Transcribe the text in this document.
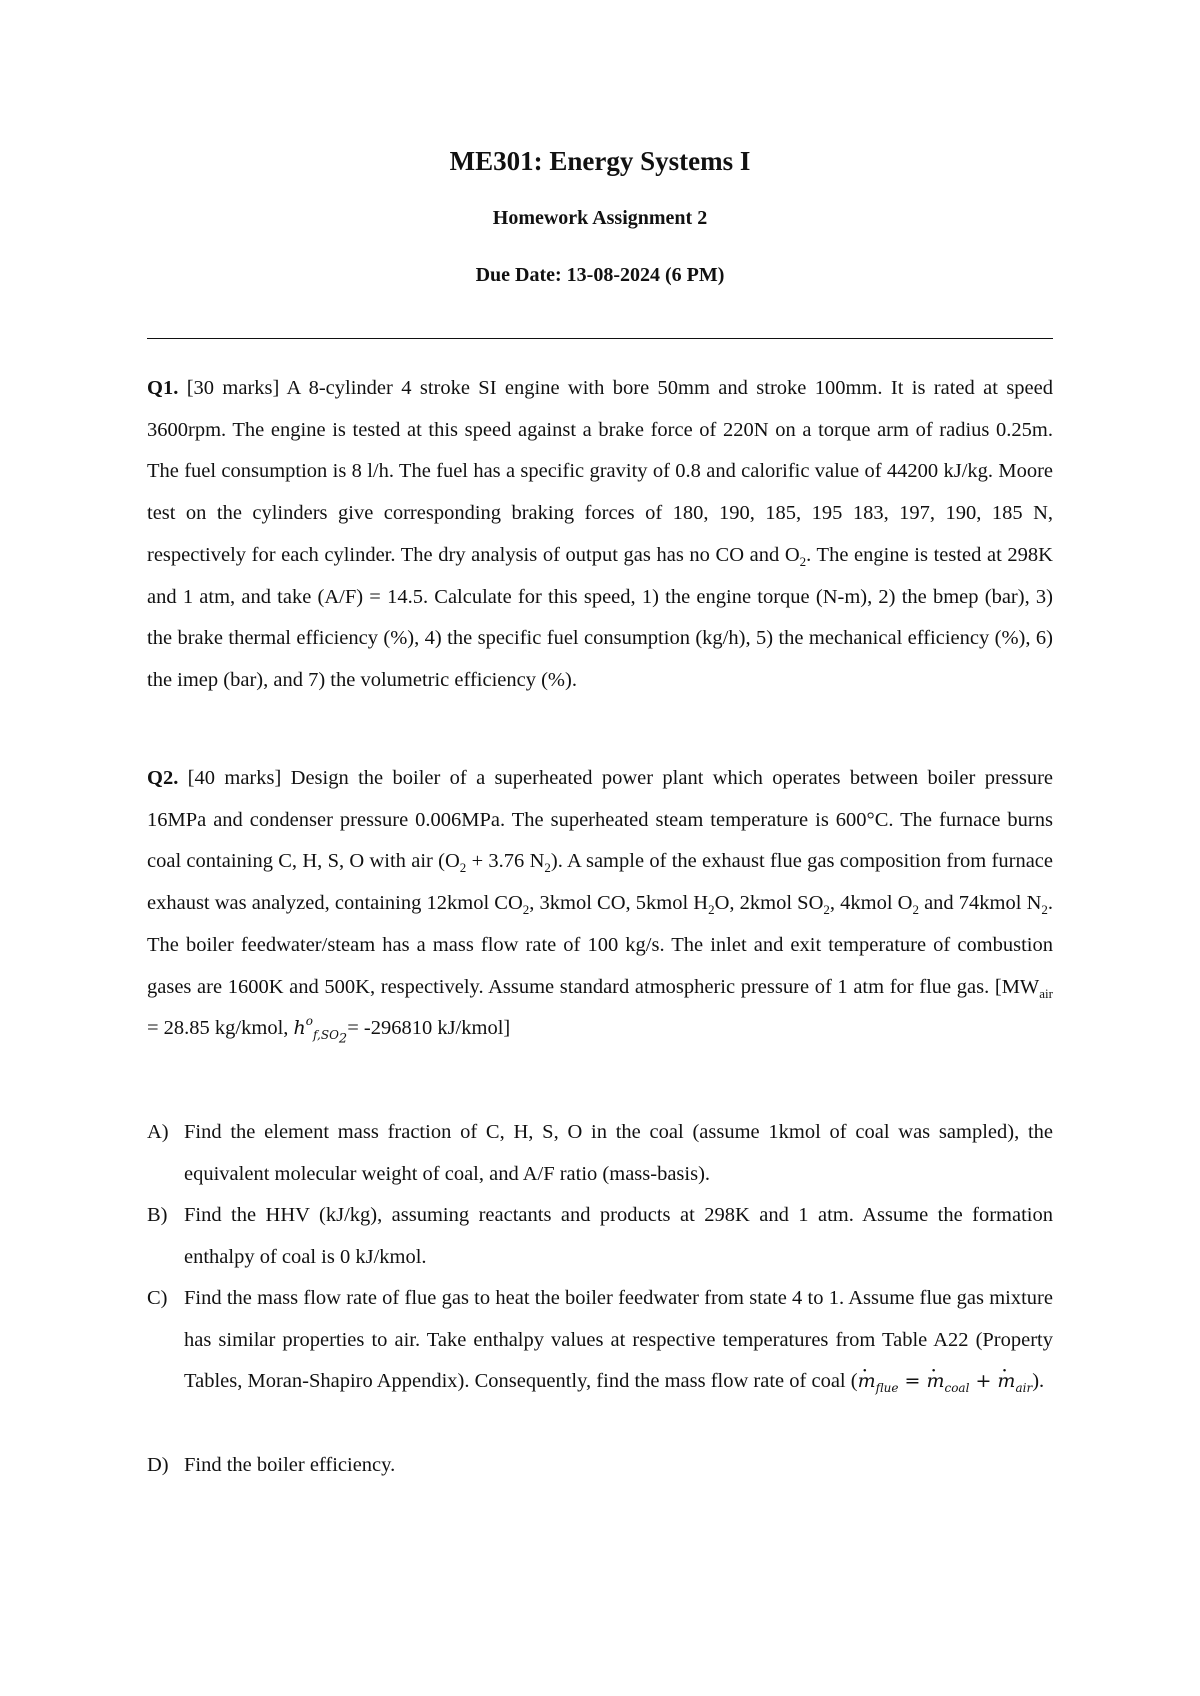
ME301: Energy Systems I
Homework Assignment 2
Due Date: 13-08-2024 (6 PM)
Q1. [30 marks] A 8-cylinder 4 stroke SI engine with bore 50mm and stroke 100mm. It is rated at speed 3600rpm. The engine is tested at this speed against a brake force of 220N on a torque arm of radius 0.25m. The fuel consumption is 8 l/h. The fuel has a specific gravity of 0.8 and calorific value of 44200 kJ/kg. Moore test on the cylinders give corresponding braking forces of 180, 190, 185, 195 183, 197, 190, 185 N, respectively for each cylinder. The dry analysis of output gas has no CO and $O_2$. The engine is tested at 298K and 1 atm, and take (A/F) = 14.5. Calculate for this speed, 1) the engine torque (N-m), 2) the bmep (bar), 3) the brake thermal efficiency (%), 4) the specific fuel consumption (kg/h), 5) the mechanical efficiency (%), 6) the imep (bar), and 7) the volumetric efficiency (%).
Q2. [40 marks] Design the boiler of a superheated power plant which operates between boiler pressure 16MPa and condenser pressure 0.006MPa. The superheated steam temperature is 600°C. The furnace burns coal containing C, H, S, O with air ($O_2 + 3.76$ $N_2$). A sample of the exhaust flue gas composition from furnace exhaust was analyzed, containing 12kmol $CO_2$, 3kmol CO, 5kmol $H_2O$, 2kmol $SO_2$, 4kmol $O_2$ and 74kmol $N_2$. The boiler feedwater/steam has a mass flow rate of 100 kg/s. The inlet and exit temperature of combustion gases are 1600K and 500K, respectively. Assume standard atmospheric pressure of 1 atm for flue gas. [$MW_{air} = 28.85$ kg/kmol, $h^o_{f,SO_2}= -296810$ kJ/kmol]
A) Find the element mass fraction of C, H, S, O in the coal (assume 1kmol of coal was sampled), the equivalent molecular weight of coal, and A/F ratio (mass-basis).
B) Find the HHV (kJ/kg), assuming reactants and products at 298K and 1 atm. Assume the formation enthalpy of coal is 0 kJ/kmol.
C) Find the mass flow rate of flue gas to heat the boiler feedwater from state 4 to 1. Assume flue gas mixture has similar properties to air. Take enthalpy values at respective temperatures from Table A22 (Property Tables, Moran-Shapiro Appendix). Consequently, find the mass flow rate of coal (· $m_{flue}$ = · $m_{coal}$ + · $m_{air}$).
D) Find the boiler efficiency.
